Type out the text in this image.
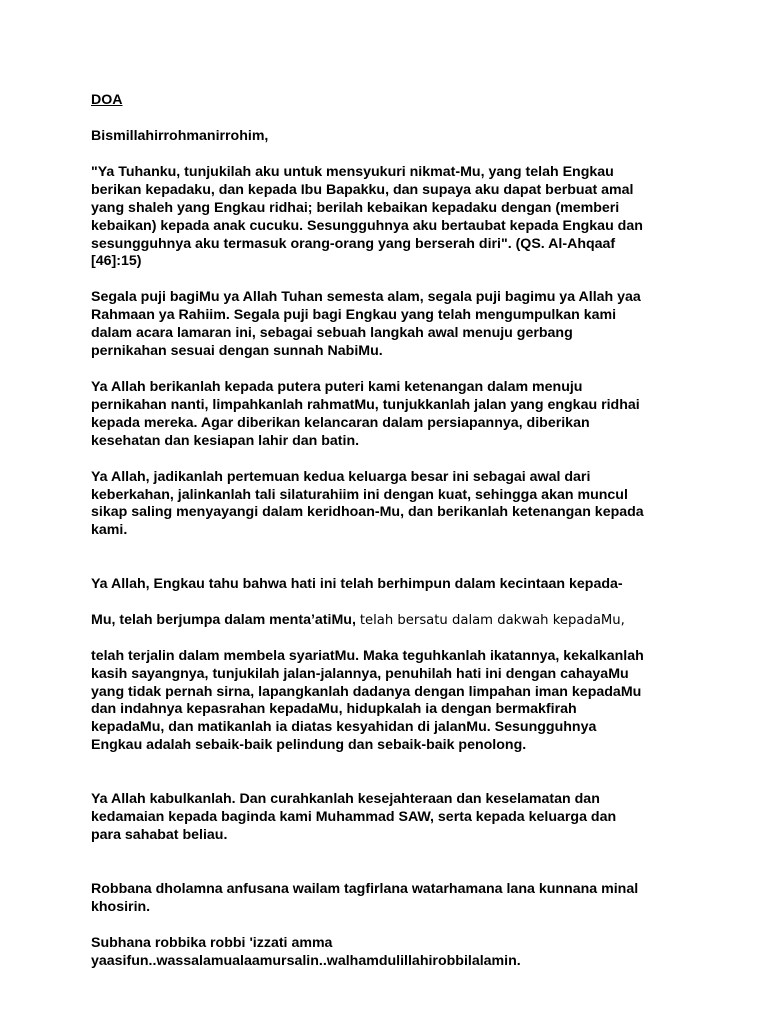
DOA

Bismillahirrohmanirrohim,

"Ya Tuhanku, tunjukilah aku untuk mensyukuri nikmat-Mu, yang telah Engkau
berikan kepadaku, dan kepada Ibu Bapakku, dan supaya aku dapat berbuat amal
yang shaleh yang Engkau ridhai; berilah kebaikan kepadaku dengan (memberi
kebaikan) kepada anak cucuku. Sesungguhnya aku bertaubat kepada Engkau dan
sesungguhnya aku termasuk orang-orang yang berserah diri". (QS. Al-Ahqaaf
[46]:15)

Segala puji bagiMu ya Allah Tuhan semesta alam, segala puji bagimu ya Allah yaa
Rahmaan ya Rahiim. Segala puji bagi Engkau yang telah mengumpulkan kami
dalam acara lamaran ini, sebagai sebuah langkah awal menuju gerbang
pernikahan sesuai dengan sunnah NabiMu.

Ya Allah berikanlah kepada putera puteri kami ketenangan dalam menuju
pernikahan nanti, limpahkanlah rahmatMu, tunjukkanlah jalan yang engkau ridhai
kepada mereka. Agar diberikan kelancaran dalam persiapannya, diberikan
kesehatan dan kesiapan lahir dan batin.

Ya Allah, jadikanlah pertemuan kedua keluarga besar ini sebagai awal dari
keberkahan, jalinkanlah tali silaturahiim ini dengan kuat, sehingga akan muncul
sikap saling menyayangi dalam keridhoan-Mu, dan berikanlah ketenangan kepada
kami.

Ya Allah, Engkau tahu bahwa hati ini telah berhimpun dalam kecintaan kepada-

Mu, telah berjumpa dalam menta’atiMu, telah bersatu dalam dakwah kepadaMu,

telah terjalin dalam membela syariatMu. Maka teguhkanlah ikatannya, kekalkanlah
kasih sayangnya, tunjukilah jalan-jalannya, penuhilah hati ini dengan cahayaMu
yang tidak pernah sirna, lapangkanlah dadanya dengan limpahan iman kepadaMu
dan indahnya kepasrahan kepadaMu, hidupkalah ia dengan bermakfirah
kepadaMu, dan matikanlah ia diatas kesyahidan di jalanMu. Sesungguhnya
Engkau adalah sebaik-baik pelindung dan sebaik-baik penolong.

Ya Allah kabulkanlah. Dan curahkanlah kesejahteraan dan keselamatan dan
kedamaian kepada baginda kami Muhammad SAW, serta kepada keluarga dan
para sahabat beliau.

Robbana dholamna anfusana wailam tagfirlana watarhamana lana kunnana minal
khosirin.

Subhana robbika robbi 'izzati amma
yaasifun..wassalamualaamursalin..walhamdulillahirobbilalamin.
